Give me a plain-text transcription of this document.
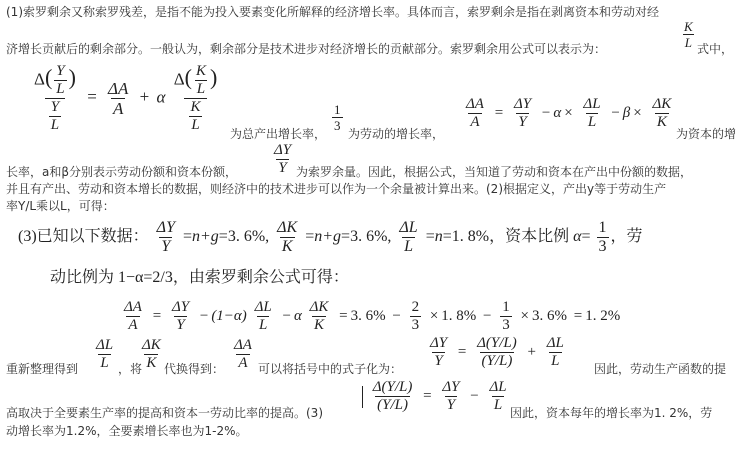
(1)索罗剩余又称索罗残差，是指不能为投入要素变化所解释的经济增长率。具体而言，索罗剩余是指在剥离资本和劳动对经
$\frac{K}{L}$
济增长贡献后的剩余部分。一般认为，剩余部分是技术进步对经济增长的贡献部分。索罗剩余用公式可以表示为：	式中，
$\frac{\Delta( \frac{Y}{L} )}{\frac{Y}{L}} = \frac{\Delta A}{A} + \alpha \frac{\Delta( \frac{K}{L} )}{\frac{K}{L}}$
为总产出增长率，
$\frac{1}{3}$
为劳动的增长率，
$\frac{\Delta A}{A} = \frac{\Delta Y}{Y} - \alpha \times \frac{\Delta L}{L} - \beta \times \frac{\Delta K}{K}$
为资本的增
$\frac{\Delta Y}{Y}$
长率，a和β分别表示劳动份额和资本份额，	为索罗余量。因此，根据公式，当知道了劳动和资本在产出中份额的数据，
并且有产出、劳动和资本增长的数据，则经济中的技术进步可以作为一个余量被计算出来。(2)根据定义，产出y等于劳动生产
率Y/L乘以L，可得：
(3)已知以下数据： $\frac{\Delta Y}{Y} =n+g=3$. 6%, $\frac{\Delta K}{K} =n+g=3$. 6%, $\frac{\Delta L}{L} =n=1$. 8%，资本比例 $\alpha= \frac{1}{3}$ ，劳
动比例为 1−α=2/3，由索罗剩余公式可得：
$\frac{\Delta A}{A} = \frac{\Delta Y}{Y} - (1-\alpha) \frac{\Delta L}{L} - \alpha \frac{\Delta K}{K} = 3$. $6\% - \frac{2}{3} \times 1$. $8\% - \frac{1}{3} \times 3$. 6% = 1. 2%
$\frac{\Delta L}{L} \frac{\Delta K}{K}$	$\frac{\Delta A}{A}$	$\frac{\Delta Y}{Y} = \frac{\Delta(Y/L)}{(Y/L)} + \frac{\Delta L}{L}$
重新整理得到	，将 代换得到：	可以将括号中的式子化为：	因此，劳动生产函数的提

$\frac{\Delta(Y/L)}{(Y/L)} = \frac{\Delta Y}{Y} - \frac{\Delta L}{L}$
高取决于全要素生产率的提高和资本一劳动比率的提高。(3)	因此，资本每年的增长率为1. 2%，劳
动增长率为1.2%，全要素增长率也为1-2%。
